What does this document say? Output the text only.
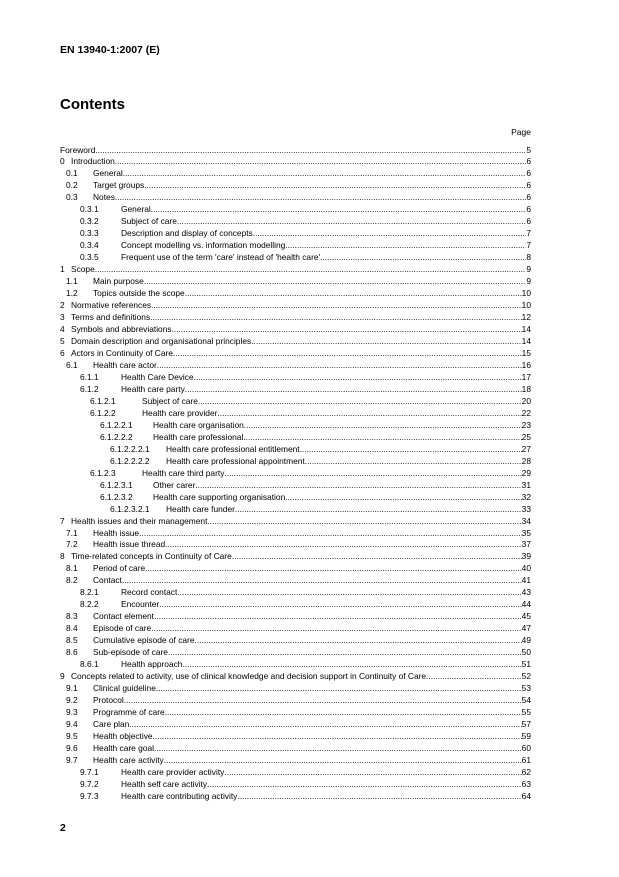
EN 13940-1:2007 (E)
Contents
Page
Foreword .....	5
0 Introduction .....	6
0.1	General .....	6
0.2	Target groups .....	6
0.3	Notes .....	6
0.3.1	General .....	6
0.3.2	Subject of care .....	6
0.3.3	Description and display of concepts .....	7
0.3.4	Concept modelling vs. information modelling .....	7
0.3.5	Frequent use of the term 'care' instead of 'health care' .....	8
1 Scope .....	9
1.1	Main purpose .....	9
1.2	Topics outside the scope .....	10
2 Normative references .....	10
3 Terms and definitions .....	12
4 Symbols and abbreviations .....	14
5 Domain description and organisational principles .....	14
6 Actors in Continuity of Care .....	15
6.1	Health care actor .....	16
6.1.1	Health Care Device .....	17
6.1.2	Health care party .....	18
6.1.2.1	Subject of care .....	20
6.1.2.2	Health care provider .....	22
6.1.2.2.1	Health care organisation .....	23
6.1.2.2.2	Health care professional .....	25
6.1.2.2.2.1	Health care professional entitlement .....	27
6.1.2.2.2.2	Health care professional appointment .....	28
6.1.2.3	Health care third party .....	29
6.1.2.3.1	Other carer .....	31
6.1.2.3.2	Health care supporting organisation .....	32
6.1.2.3.2.1	Health care funder .....	33
7 Health issues and their management .....	34
7.1	Health issue .....	35
7.2	Health issue thread .....	37
8 Time-related concepts in Continuity of Care .....	39
8.1	Period of care .....	40
8.2	Contact .....	41
8.2.1	Record contact .....	43
8.2.2	Encounter .....	44
8.3	Contact element .....	45
8.4	Episode of care .....	47
8.5	Cumulative episode of care .....	49
8.6	Sub-episode of care .....	50
8.6.1	Health approach .....	51
9 Concepts related to activity, use of clinical knowledge and decision support in Continuity of Care .....	52
9.1	Clinical guideline .....	53
9.2	Protocol .....	54
9.3	Programme of care .....	55
9.4	Care plan .....	57
9.5	Health objective .....	59
9.6	Health care goal .....	60
9.7	Health care activity .....	61
9.7.1	Health care provider activity .....	62
9.7.2	Health self care activity .....	63
9.7.3	Health care contributing activity .....	64
2
